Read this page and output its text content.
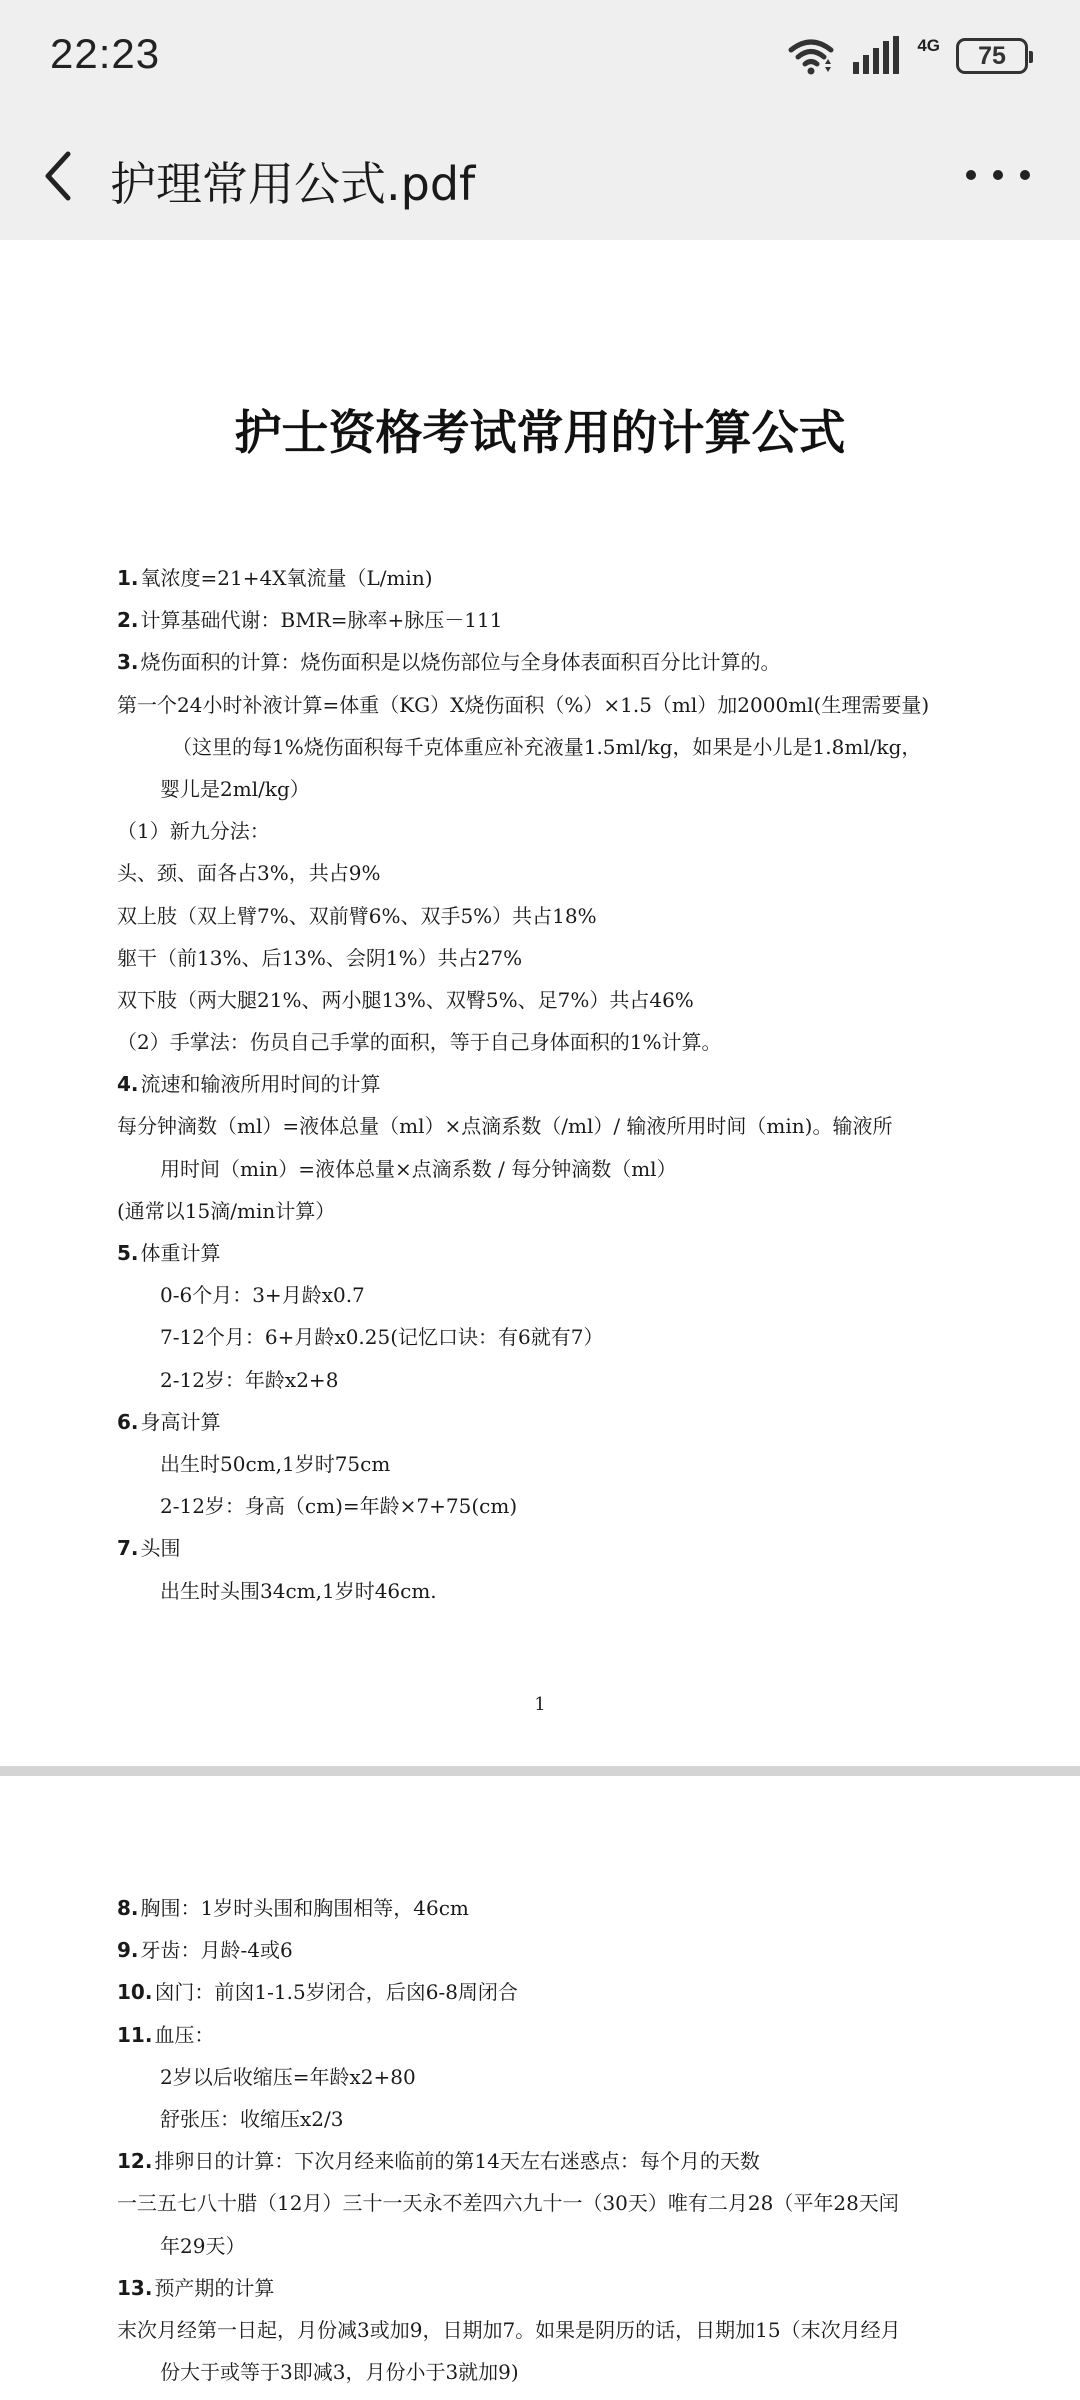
22:23	4G 75
护理常用公式.pdf
护士资格考试常用的计算公式
1. 氧浓度=21+4X氧流量（L/min)
2. 计算基础代谢：BMR=脉率+脉压－111
3. 烧伤面积的计算：烧伤面积是以烧伤部位与全身体表面积百分比计算的。
第一个24小时补液计算=体重（KG）X烧伤面积（%）×1.5（ml）加2000ml(生理需要量)
（这里的每1%烧伤面积每千克体重应补充液量1.5ml/kg，如果是小儿是1.8ml/kg，
婴儿是2ml/kg）
（1）新九分法：
头、颈、面各占3%，共占9%
双上肢（双上臂7%、双前臂6%、双手5%）共占18%
躯干（前13%、后13%、会阴1%）共占27%
双下肢（两大腿21%、两小腿13%、双臀5%、足7%）共占46%
（2）手掌法：伤员自己手掌的面积，等于自己身体面积的1%计算。
4. 流速和输液所用时间的计算
每分钟滴数（ml）=液体总量（ml）×点滴系数（/ml）/ 输液所用时间（min)。输液所
用时间（min）=液体总量×点滴系数 / 每分钟滴数（ml）
(通常以15滴/min计算）
5. 体重计算
0-6个月：3+月龄x0.7
7-12个月：6+月龄x0.25(记忆口诀：有6就有7）
2-12岁：年龄x2+8
6. 身高计算
出生时50cm,1岁时75cm
2-12岁：身高（cm)=年龄×7+75(cm)
7. 头围
出生时头围34cm,1岁时46cm.
1
8. 胸围：1岁时头围和胸围相等，46cm
9. 牙齿：月龄-4或6
10. 囟门：前囟1-1.5岁闭合，后囟6-8周闭合
11. 血压：
2岁以后收缩压=年龄x2+80
舒张压：收缩压x2/3
12. 排卵日的计算：下次月经来临前的第14天左右迷惑点：每个月的天数
一三五七八十腊（12月）三十一天永不差四六九十一（30天）唯有二月28（平年28天闰
年29天）
13. 预产期的计算
末次月经第一日起，月份减3或加9，日期加7。如果是阴历的话，日期加15（末次月经月
份大于或等于3即减3，月份小于3就加9)
